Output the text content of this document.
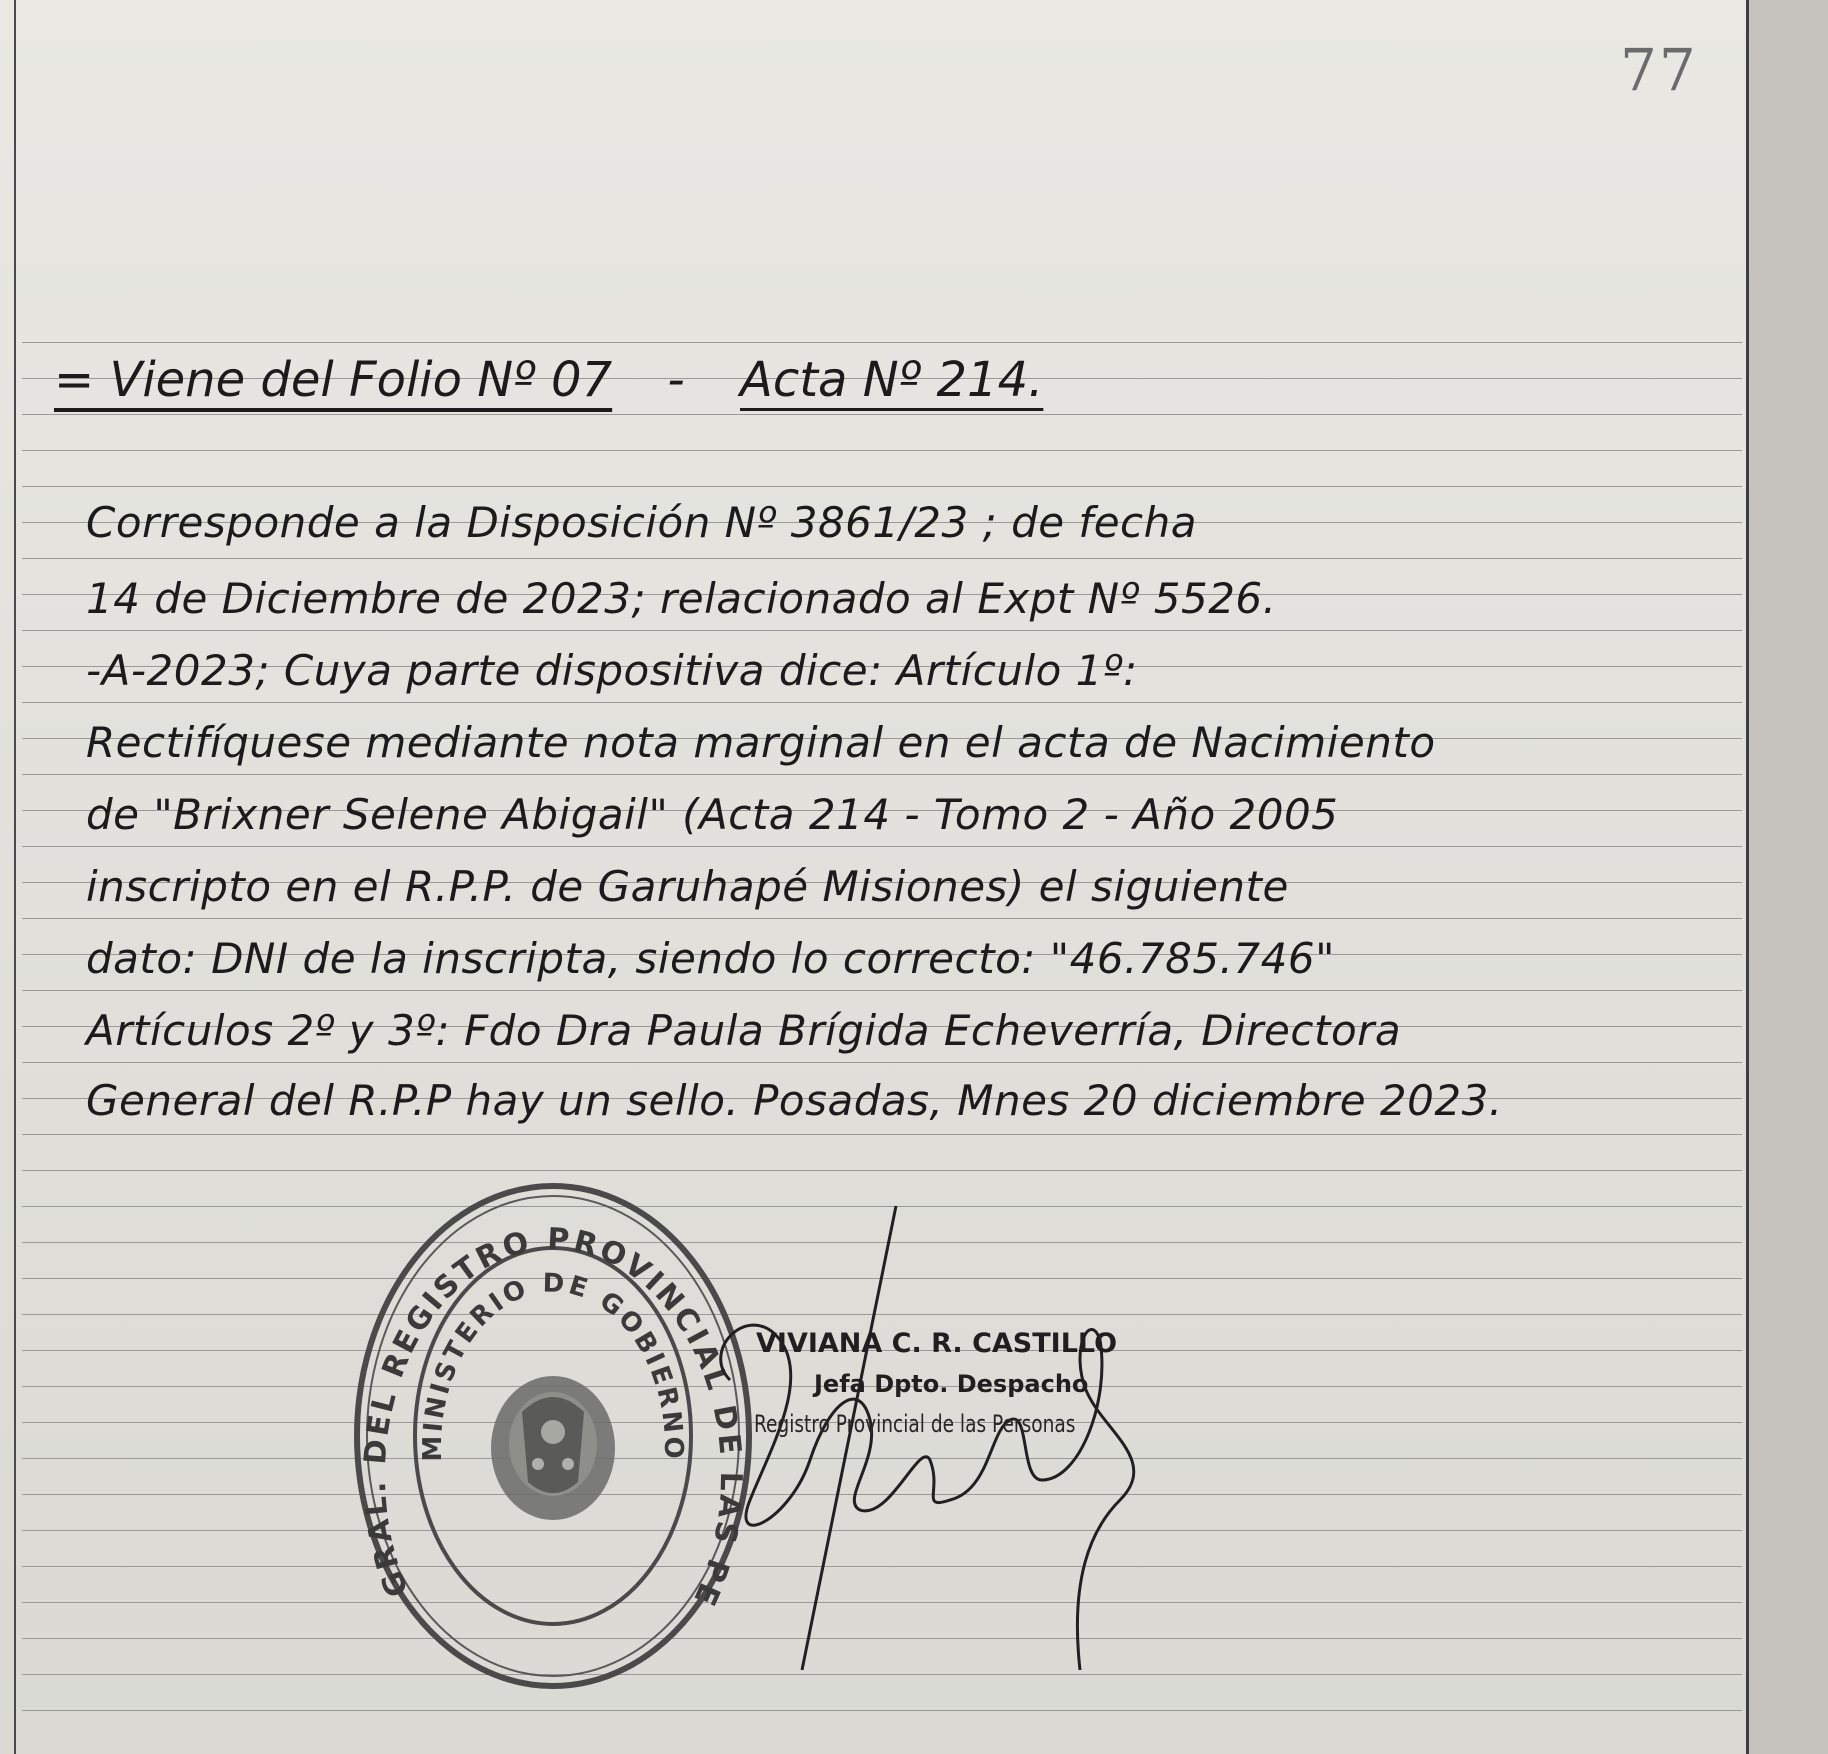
77
= Viene del Folio Nº 07 - Acta Nº 214.
Corresponde a la Disposición Nº 3861/23 ; de fecha
14 de Diciembre de 2023; relacionado al Expt Nº 5526.
-A-2023; Cuya parte dispositiva dice: Artículo 1º:
Rectifíquese mediante nota marginal en el acta de Nacimiento
de "Brixner Selene Abigail" (Acta 214 - Tomo 2 - Año 2005
inscripto en el R.P.P. de Garuhapé Misiones) el siguiente
dato: DNI de la inscripta, siendo lo correcto: "46.785.746"
Artículos 2º y 3º: Fdo Dra Paula Brígida Echeverría, Directora
General del R.P.P hay un sello. Posadas, Mnes 20 diciembre 2023.
GRAL. DEL REGISTRO PROVINCIAL DE LAS PE
MINISTERIO DE GOBIERNO
VIVIANA C. R. CASTILLO
Jefa Dpto. Despacho
Registro Provincial de las Personas
